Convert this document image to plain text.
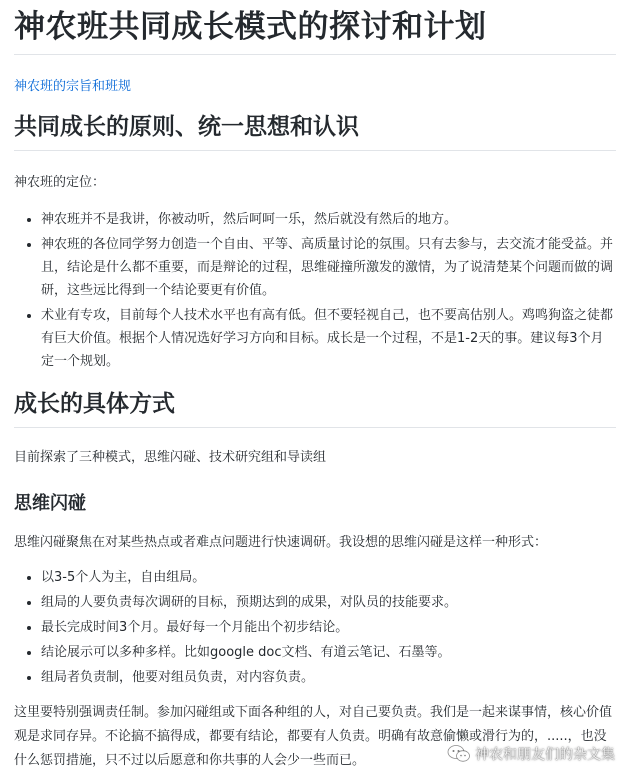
神农班共同成长模式的探讨和计划
神农班的宗旨和班规
共同成长的原则、统一思想和认识

神农班的定位：

• 神农班并不是我讲，你被动听，然后呵呵一乐，然后就没有然后的地方。
• 神农班的各位同学努力创造一个自由、平等、高质量讨论的氛围。只有去参与，去交流才能受益。并且，结论是什么都不重要，而是辩论的过程，思维碰撞所激发的激情，为了说清楚某个问题而做的调研，这些远比得到一个结论要更有价值。
• 术业有专攻，目前每个人技术水平也有高有低。但不要轻视自己，也不要高估别人。鸡鸣狗盗之徒都有巨大价值。根据个人情况选好学习方向和目标。成长是一个过程，不是1-2天的事。建议每3个月定一个规划。
成长的具体方式

目前探索了三种模式，思维闪碰、技术研究组和导读组

思维闪碰

思维闪碰聚焦在对某些热点或者难点问题进行快速调研。我设想的思维闪碰是这样一种形式：

• 以3-5个人为主，自由组局。
• 组局的人要负责每次调研的目标，预期达到的成果，对队员的技能要求。
• 最长完成时间3个月。最好每一个月能出个初步结论。
• 结论展示可以多种多样。比如google doc文档、有道云笔记、石墨等。
• 组局者负责制，他要对组员负责，对内容负责。

这里要特别强调责任制。参加闪碰组或下面各种组的人，对自己要负责。我们是一起来谋事情，核心价值观是求同存异。不论搞不搞得成，都要有结论，都要有人负责。明确有故意偷懒或滑行为的，.....，也没什么惩罚措施，只不过以后愿意和你共事的人会少一些而已。	神农和朋友们的杂文集
